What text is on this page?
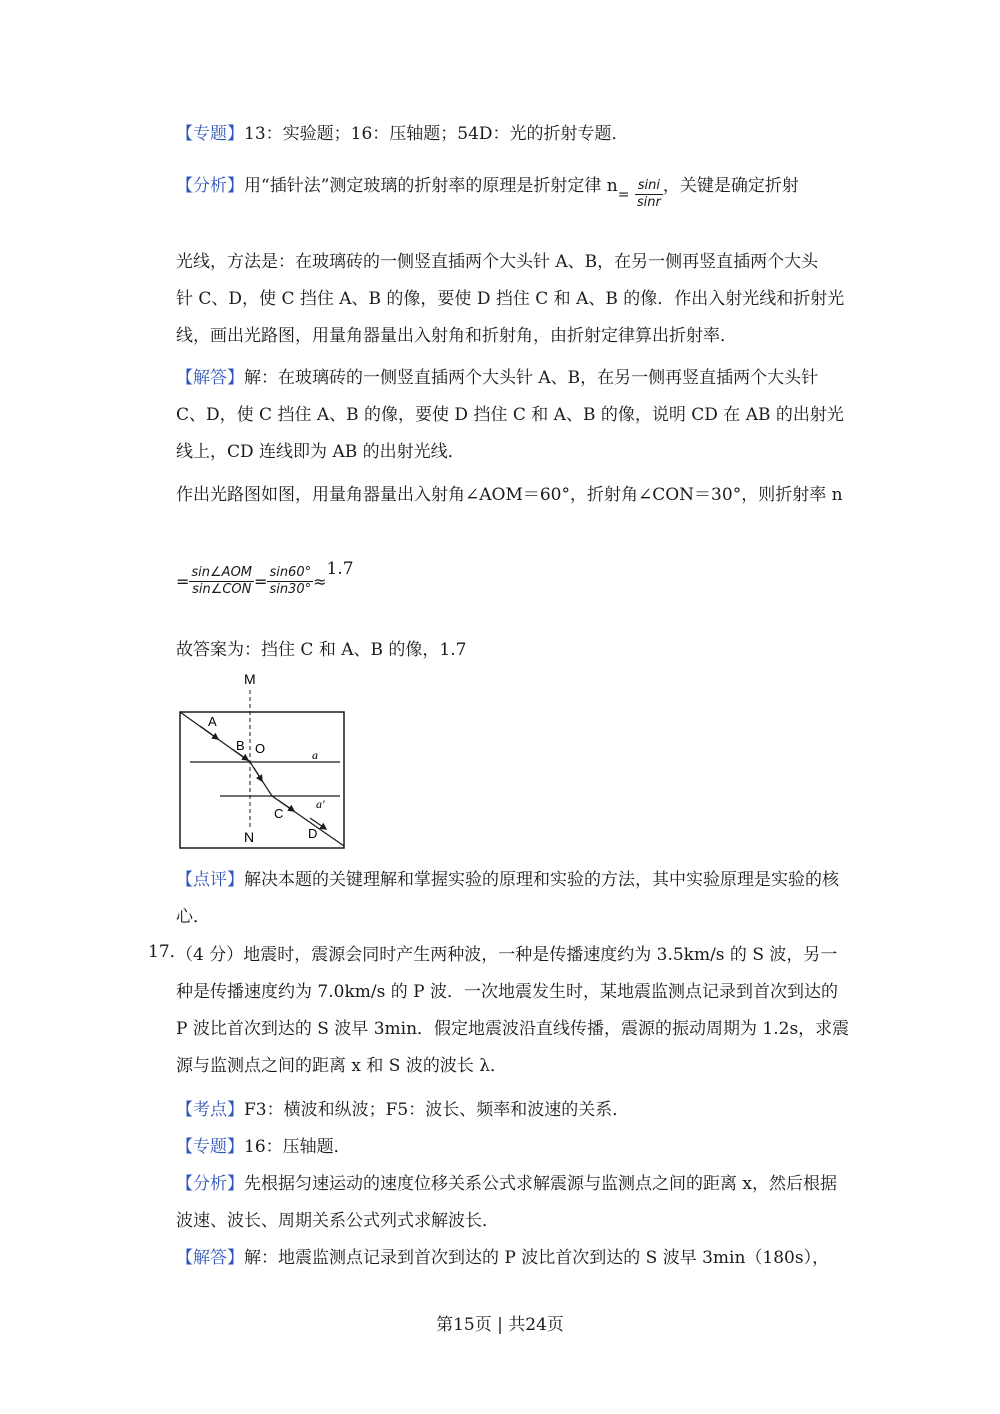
【专题】13：实验题；16：压轴题；54D：光的折射专题．
【分析】用“插针法”测定玻璃的折射率的原理是折射定律 $n_= \frac{\sin i}{\sin r}$ ，关键是确定折射
光线，方法是：在玻璃砖的一侧竖直插两个大头针 A、B，在另一侧再竖直插两个大头
针 C、D，使 C 挡住 A、B 的像，要使 D 挡住 C 和 A、B 的像．作出入射光线和折射光
线，画出光路图，用量角器量出入射角和折射角，由折射定律算出折射率．
【解答】解：在玻璃砖的一侧竖直插两个大头针 A、B，在另一侧再竖直插两个大头针 C、D，使 C 挡住 A、B 的像，要使 D 挡住 C 和 A、B 的像，说明 CD 在 AB 的出射光线上，CD 连线即为 AB 的出射光线．
作出光路图如图，用量角器量出入射角∠AOM＝60°，折射角∠CON＝30°，则折射率 n
= $\frac{\text{sin∠AOM}}{\text{sin∠CON}} = \frac{\sin 60^\circ}{\sin 30^\circ} \approx 1.7$
故答案为：挡住 C 和 A、B 的像，1.7
M
N
A
B O
C
D
a
a′
【点评】解决本题的关键理解和掌握实验的原理和实验的方法，其中实验原理是实验的核心．
17．
（4 分）地震时，震源会同时产生两种波，一种是传播速度约为 3.5km/s 的 S 波，另一种是传播速度约为 7.0km/s 的 P 波．一次地震发生时，某地震监测点记录到首次到达的 P 波比首次到达的 S 波早 3min．假定地震波沿直线传播，震源的振动周期为 1.2s，求震源与监测点之间的距离 x 和 S 波的波长 λ．
【考点】F3：横波和纵波；F5：波长、频率和波速的关系．
【专题】16：压轴题．
【分析】先根据匀速运动的速度位移关系公式求解震源与监测点之间的距离 x，然后根据波速、波长、周期关系公式列式求解波长．
【解答】解：地震监测点记录到首次到达的 P 波比首次到达的 S 波早 3min（180s），
第15页 | 共24页
